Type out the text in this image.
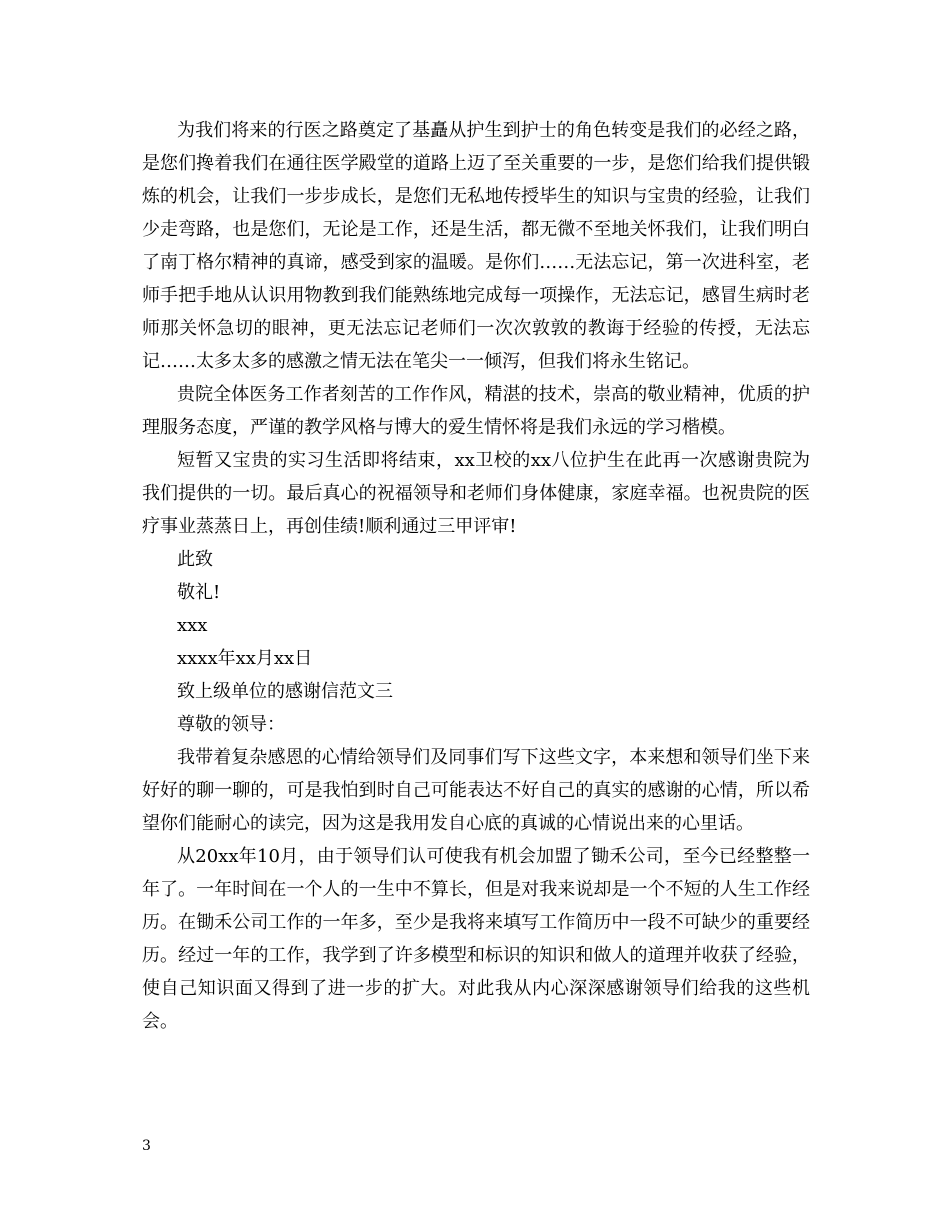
为我们将来的行医之路奠定了基矗从护生到护士的角色转变是我们的必经之路，是您们搀着我们在通往医学殿堂的道路上迈了至关重要的一步，是您们给我们提供锻炼的机会，让我们一步步成长，是您们无私地传授毕生的知识与宝贵的经验，让我们少走弯路，也是您们，无论是工作，还是生活，都无微不至地关怀我们，让我们明白了南丁格尔精神的真谛，感受到家的温暖。是你们……无法忘记，第一次进科室，老师手把手地从认识用物教到我们能熟练地完成每一项操作，无法忘记，感冒生病时老师那关怀急切的眼神，更无法忘记老师们一次次敦敦的教诲于经验的传授，无法忘记……太多太多的感激之情无法在笔尖一一倾泻，但我们将永生铭记。

贵院全体医务工作者刻苦的工作作风，精湛的技术，崇高的敬业精神，优质的护理服务态度，严谨的教学风格与博大的爱生情怀将是我们永远的学习楷模。

短暂又宝贵的实习生活即将结束，xx卫校的xx八位护生在此再一次感谢贵院为我们提供的一切。最后真心的祝福领导和老师们身体健康，家庭幸福。也祝贵院的医疗事业蒸蒸日上，再创佳绩!顺利通过三甲评审!

此致

敬礼!

xxx

xxxx年xx月xx日

致上级单位的感谢信范文三

尊敬的领导：

我带着复杂感恩的心情给领导们及同事们写下这些文字，本来想和领导们坐下来好好的聊一聊的，可是我怕到时自己可能表达不好自己的真实的感谢的心情，所以希望你们能耐心的读完，因为这是我用发自心底的真诚的心情说出来的心里话。

从20xx年10月，由于领导们认可使我有机会加盟了锄禾公司，至今已经整整一年了。一年时间在一个人的一生中不算长，但是对我来说却是一个不短的人生工作经历。在锄禾公司工作的一年多，至少是我将来填写工作简历中一段不可缺少的重要经历。经过一年的工作，我学到了许多模型和标识的知识和做人的道理并收获了经验，使自己知识面又得到了进一步的扩大。对此我从内心深深感谢领导们给我的这些机会。

3
